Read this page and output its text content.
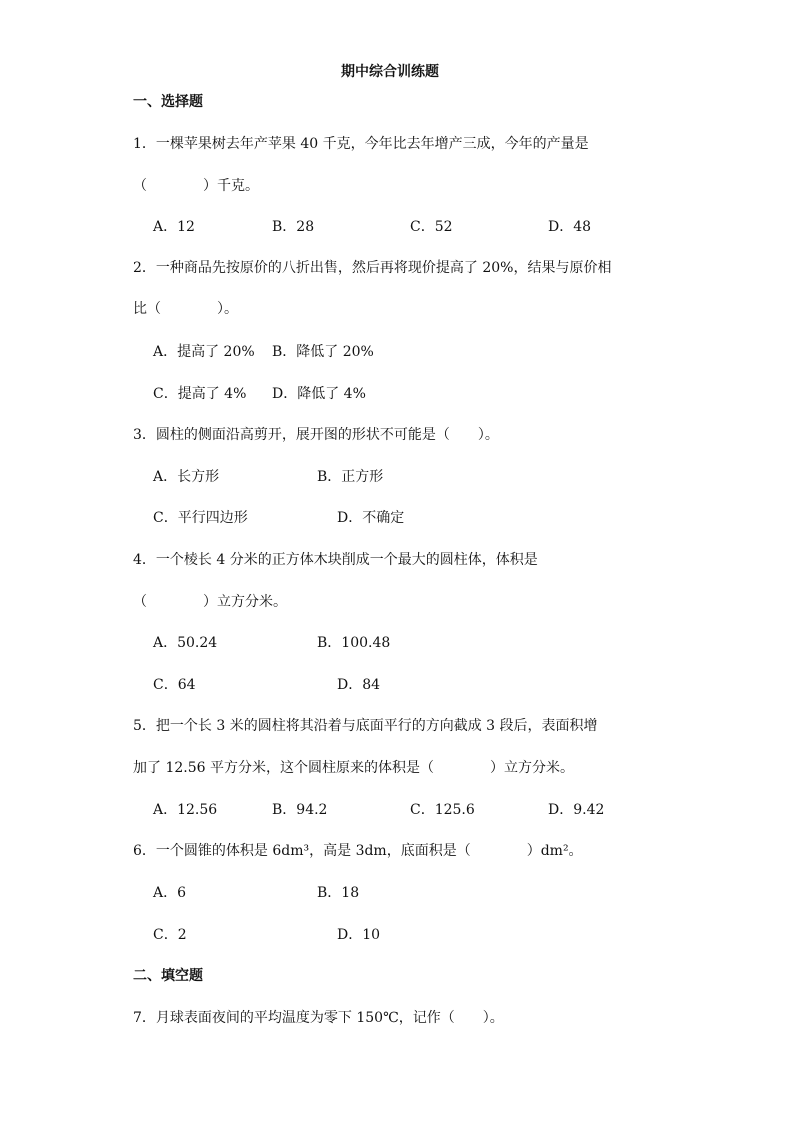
期中综合训练题
一、选择题
1．一棵苹果树去年产苹果 40 千克，今年比去年增产三成，今年的产量是
（　　　　）千克。
A．12	B．28	C．52	D．48
2．一种商品先按原价的八折出售，然后再将现价提高了 20%，结果与原价相
比（　　　　）。
A．提高了 20% B．降低了 20%
C．提高了 4% D．降低了 4%
3．圆柱的侧面沿高剪开，展开图的形状不可能是（　　）。
A．长方形	B．正方形
C．平行四边形	D．不确定
4．一个棱长 4 分米的正方体木块削成一个最大的圆柱体，体积是
（　　　　）立方分米。
A．50.24	B．100.48
C．64	D．84
5．把一个长 3 米的圆柱将其沿着与底面平行的方向截成 3 段后，表面积增
加了 12.56 平方分米，这个圆柱原来的体积是（　　　　）立方分米。
A．12.56	B．94.2	C．125.6	D．9.42
6．一个圆锥的体积是 6dm³，高是 3dm，底面积是（　　　　）dm²。
A．6	B．18
C．2	D．10
二、填空题
7．月球表面夜间的平均温度为零下 150℃，记作（　　）。
